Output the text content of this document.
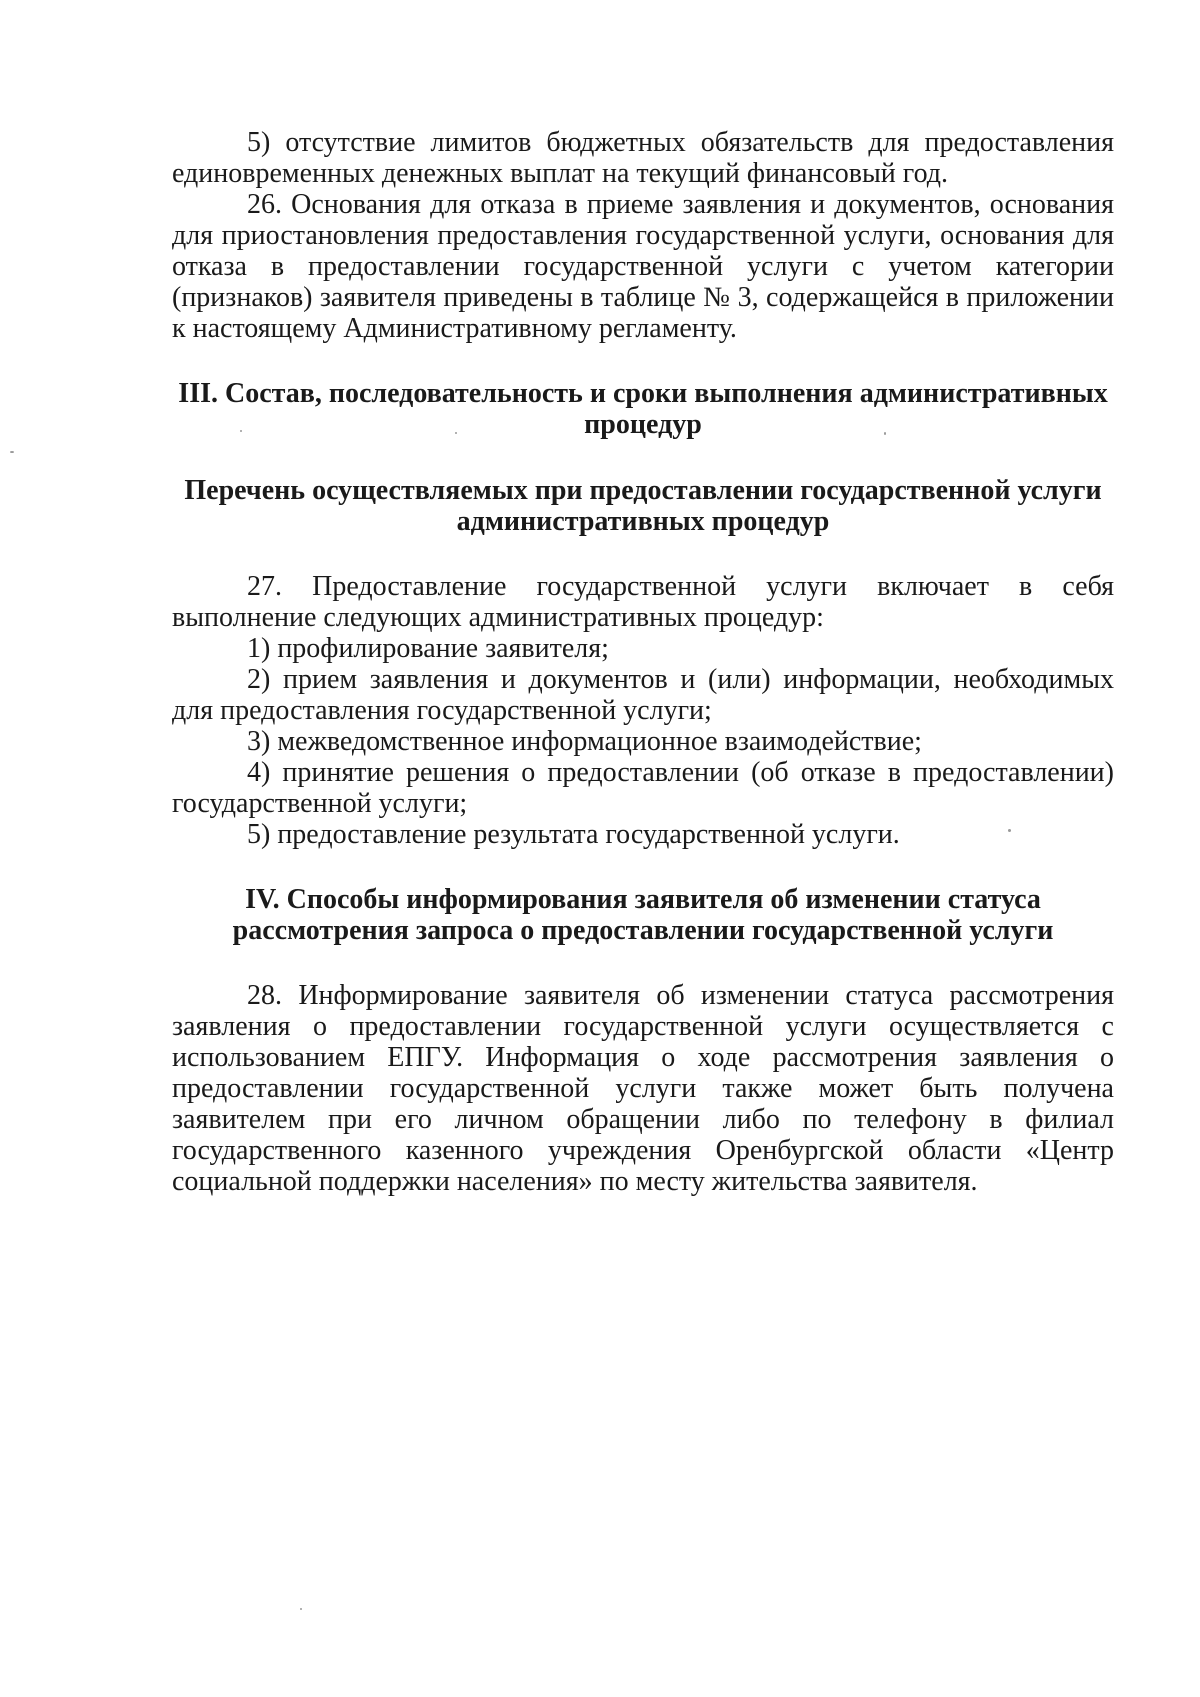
5) отсутствие лимитов бюджетных обязательств для предоставления единовременных денежных выплат на текущий финансовый год.

26. Основания для отказа в приеме заявления и документов, основания для приостановления предоставления государственной услуги, основания для отказа в предоставлении государственной услуги с учетом категории (признаков) заявителя приведены в таблице № 3, содержащейся в приложении к настоящему Административному регламенту.

III. Состав, последовательность и сроки выполнения административных процедур

Перечень осуществляемых при предоставлении государственной услуги административных процедур

27. Предоставление государственной услуги включает в себя выполнение следующих административных процедур:

1) профилирование заявителя;

2) прием заявления и документов и (или) информации, необходимых для предоставления государственной услуги;

3) межведомственное информационное взаимодействие;

4) принятие решения о предоставлении (об отказе в предоставлении) государственной услуги;

5) предоставление результата государственной услуги.

IV. Способы информирования заявителя об изменении статуса рассмотрения запроса о предоставлении государственной услуги

28. Информирование заявителя об изменении статуса рассмотрения заявления о предоставлении государственной услуги осуществляется с использованием ЕПГУ. Информация о ходе рассмотрения заявления о предоставлении государственной услуги также может быть получена заявителем при его личном обращении либо по телефону в филиал государственного казенного учреждения Оренбургской области «Центр социальной поддержки населения» по месту жительства заявителя.
